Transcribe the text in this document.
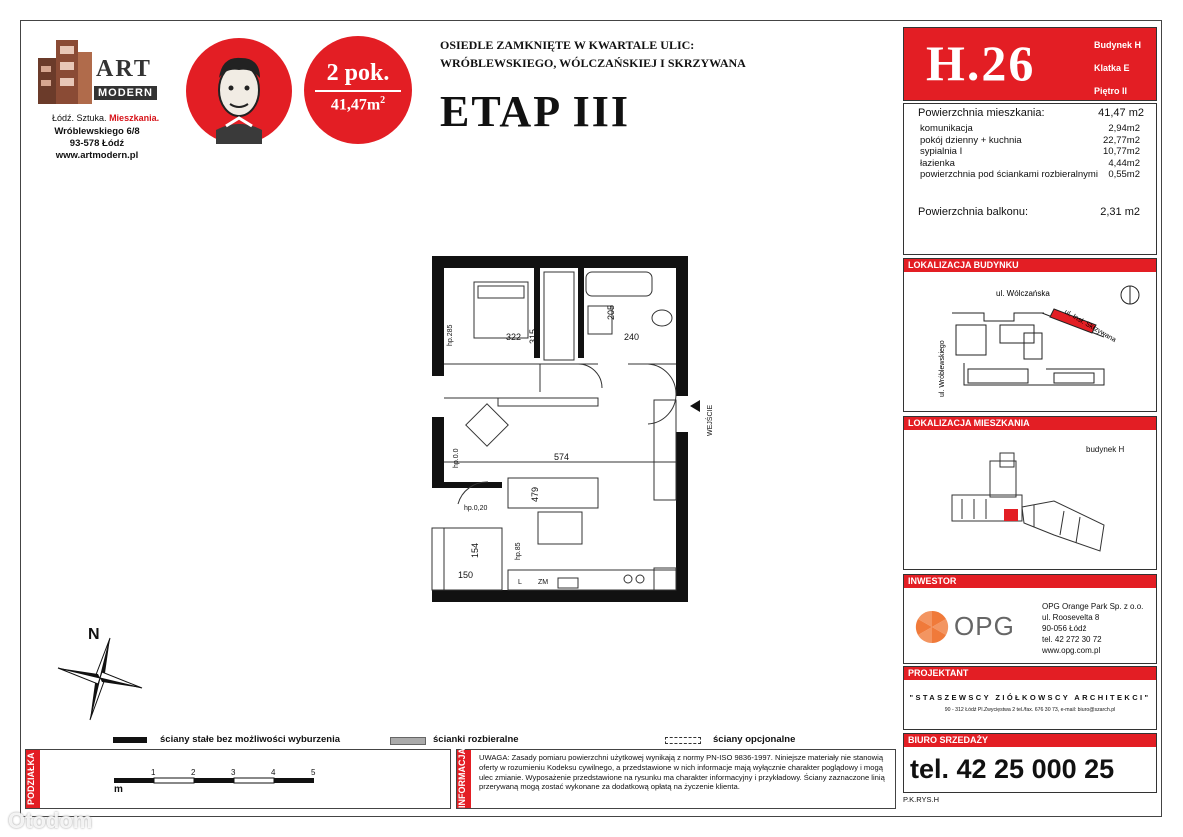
ART
MODERN
Łódź. Sztuka. Mieszkania.
Wróblewskiego 6/8
93-578 Łódź
www.artmodern.pl
2 pok.
$41,47m^2$
OSIEDLE ZAMKNIĘTE W KWARTALE ULIC:
WRÓBLEWSKIEGO, WÓLCZAŃSKIEJ I SKRZYWANA
ETAP III
H.26	Budynek H
Klatka E
Piętro II
Powierzchnia mieszkania:	41,47 m2
komunikacja	2,94m2
pokój dzienny + kuchnia	22,77m2
sypialnia I	10,77m2
łazienka	4,44m2
powierzchnia pod ściankami rozbieralnymi 0,55m2
Powierzchnia balkonu:	2,31 m2
LOKALIZACJA BUDYNKU
ul. Wólczańska
ul. Insł. Skrzywana
ul. Wróblewskiego
LOKALIZACJA MIESZKANIA
budynek H
INWESTOR
OPG
OPG Orange Park Sp. z o.o.
ul. Roosevelta 8
90-056 Łódź
tel. 42 272 30 72
www.opg.com.pl
PROJEKTANT
"STASZEWSCY ZIÓŁKOWSCY ARCHITEKCI"
90 - 312 Łódź Pl.Zwycięstwa 2 tel./fax. 676 30 73, e-mail: biuro@szarch.pl
BIURO SRZEDAŻY
tel. 42 25 000 25
P.K.RYS.H
322 315
205
240
574
479
154
150
hp.285
hp.0.0
hp.0,20
hp.85
L ZM
WEJŚCIE
N
ściany stałe bez możliwości wyburzenia	ścianki rozbieralne	ściany opcjonalne
PODZIAŁKA	1	2	3	4	5
m	INFORMACJA	UWAGA: Zasady pomiaru powierzchni użytkowej wynikają z normy PN-ISO 9836-1997. Niniejsze materiały nie stanowią oferty w rozumieniu Kodeksu cywilnego, a przedstawione w nich informacje mają wyłącznie charakter poglądowy i mogą ulec zmianie. Wyposażenie przedstawione na rysunku ma charakter informacyjny i przykładowy. Ściany zaznaczone linią przerywaną mogą zostać wykonane za dodatkową opłatą na życzenie klienta.
Otodom
